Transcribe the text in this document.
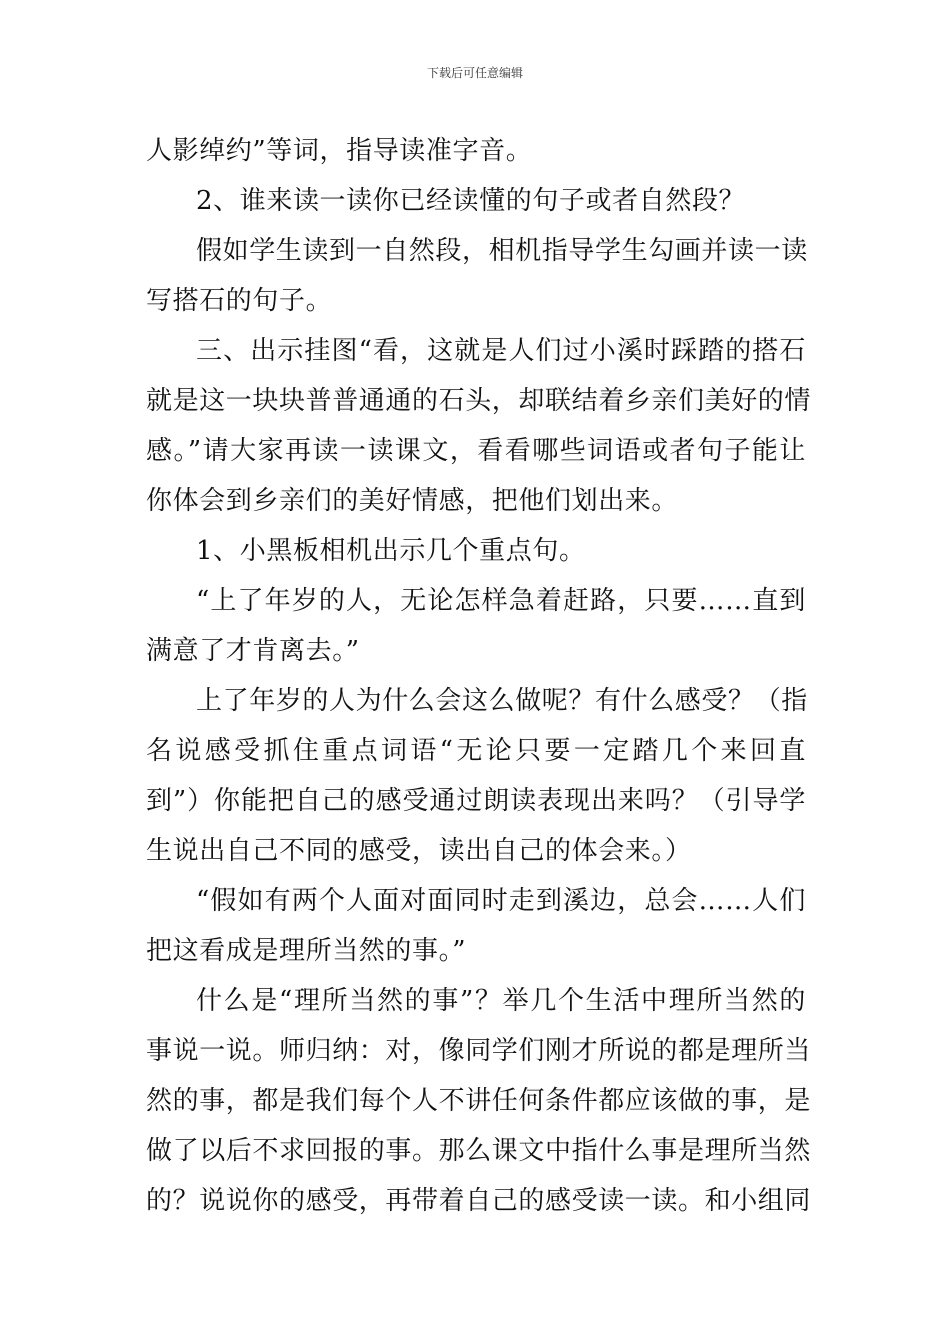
下载后可任意编辑
人影绰约”等词，指导读准字音。
2、谁来读一读你已经读懂的句子或者自然段？
假如学生读到一自然段，相机指导学生勾画并读一读
写搭石的句子。
三、出示挂图“看，这就是人们过小溪时踩踏的搭石
就是这一块块普普通通的石头，却联结着乡亲们美好的情
感。”请大家再读一读课文，看看哪些词语或者句子能让
你体会到乡亲们的美好情感，把他们划出来。
1、小黑板相机出示几个重点句。
“上了年岁的人，无论怎样急着赶路，只要……直到
满意了才肯离去。”
上了年岁的人为什么会这么做呢？有什么感受？（指
名说感受抓住重点词语“无论只要一定踏几个来回直
到”）你能把自己的感受通过朗读表现出来吗？（引导学
生说出自己不同的感受，读出自己的体会来。）
“假如有两个人面对面同时走到溪边，总会……人们
把这看成是理所当然的事。”
什么是“理所当然的事”？举几个生活中理所当然的
事说一说。师归纳：对，像同学们刚才所说的都是理所当
然的事，都是我们每个人不讲任何条件都应该做的事，是
做了以后不求回报的事。那么课文中指什么事是理所当然
的？说说你的感受，再带着自己的感受读一读。和小组同
